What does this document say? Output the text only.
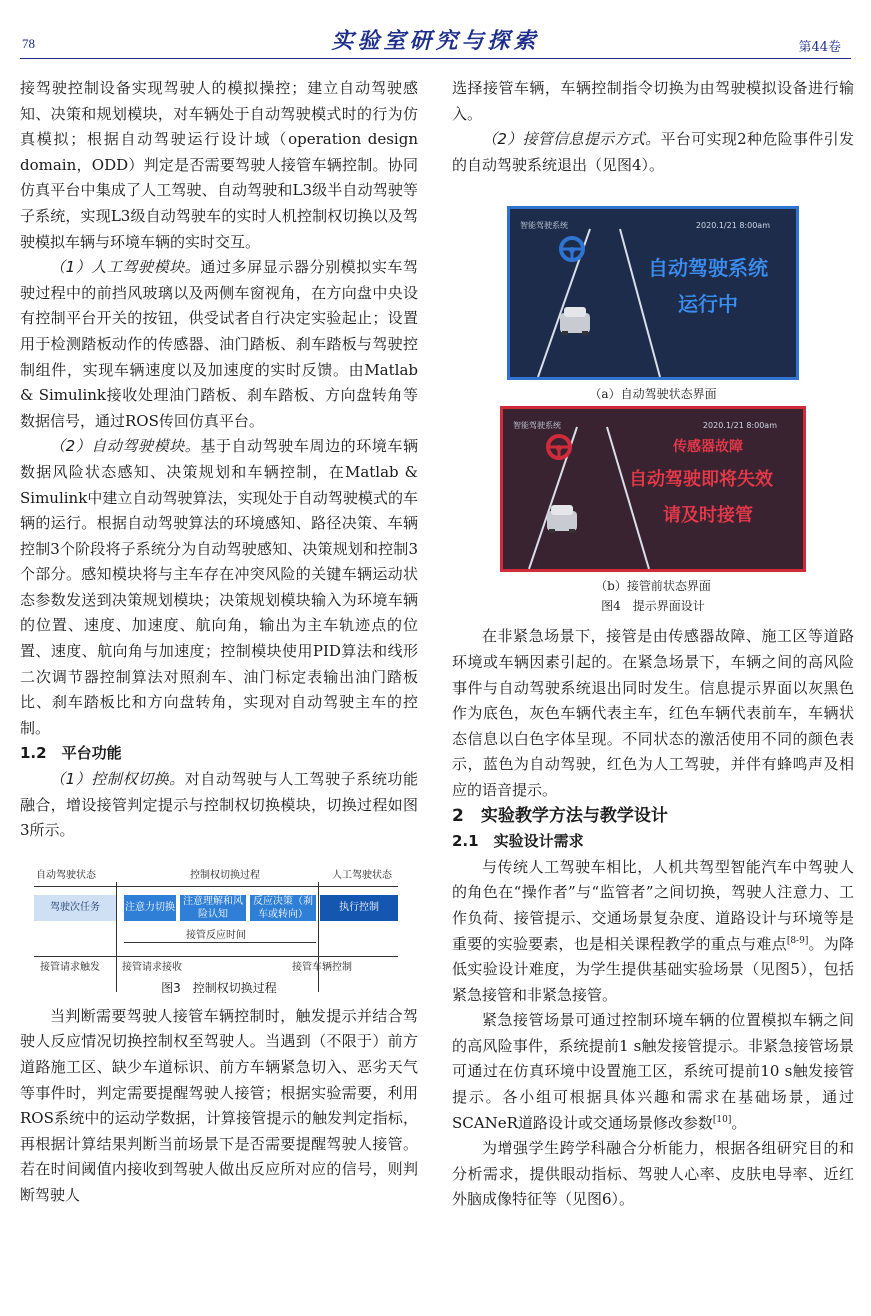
78	实验室研究与探索	第44卷

接驾驶控制设备实现驾驶人的模拟操控；建立自动驾驶感知、决策和规划模块，对车辆处于自动驾驶模式时的行为仿真模拟；根据自动驾驶运行设计域（operation design domain，ODD）判定是否需要驾驶人接管车辆控制。协同仿真平台中集成了人工驾驶、自动驾驶和L3级半自动驾驶等子系统，实现L3级自动驾驶车的实时人机控制权切换以及驾驶模拟车辆与环境车辆的实时交互。

（1）人工驾驶模块。通过多屏显示器分别模拟实车驾驶过程中的前挡风玻璃以及两侧车窗视角，在方向盘中央设有控制平台开关的按钮，供受试者自行决定实验起止；设置用于检测踏板动作的传感器、油门踏板、刹车踏板与驾驶控制组件，实现车辆速度以及加速度的实时反馈。由Matlab & Simulink接收处理油门踏板、刹车踏板、方向盘转角等数据信号，通过ROS传回仿真平台。

（2）自动驾驶模块。基于自动驾驶车周边的环境车辆数据风险状态感知、决策规划和车辆控制，在Matlab & Simulink中建立自动驾驶算法，实现处于自动驾驶模式的车辆的运行。根据自动驾驶算法的环境感知、路径决策、车辆控制3个阶段将子系统分为自动驾驶感知、决策规划和控制3个部分。感知模块将与主车存在冲突风险的关键车辆运动状态参数发送到决策规划模块；决策规划模块输入为环境车辆的位置、速度、加速度、航向角，输出为主车轨迹点的位置、速度、航向角与加速度；控制模块使用PID算法和线形二次调节器控制算法对照刹车、油门标定表输出油门踏板比、刹车踏板比和方向盘转角，实现对自动驾驶主车的控制。

1.2　平台功能

（1）控制权切换。对自动驾驶与人工驾驶子系统功能融合，增设接管判定提示与控制权切换模块，切换过程如图3所示。

自动驾驶状态	控制权切换过程	人工驾驶状态
驾驶次任务	注意力切换
注意理解和风险认知
反应决策（刹车或转向）
执行控制
接管反应时间
接管请求触发 接管请求接收	接管车辆控制
图3　控制权切换过程

当判断需要驾驶人接管车辆控制时，触发提示并结合驾驶人反应情况切换控制权至驾驶人。当遇到（不限于）前方道路施工区、缺少车道标识、前方车辆紧急切入、恶劣天气等事件时，判定需要提醒驾驶人接管；根据实验需要，利用ROS系统中的运动学数据，计算接管提示的触发判定指标，再根据计算结果判断当前场景下是否需要提醒驾驶人接管。若在时间阈值内接收到驾驶人做出反应所对应的信号，则判断驾驶人

选择接管车辆，车辆控制指令切换为由驾驶模拟设备进行输入。

（2）接管信息提示方式。平台可实现2种危险事件引发的自动驾驶系统退出（见图4）。

智能驾驶系统	2020.1/21 8:00am
自动驾驶系统
运行中

（a）自动驾驶状态界面

智能驾驶系统	2020.1/21 8:00am
传感器故障
自动驾驶即将失效
请及时接管

（b）接管前状态界面

图4　提示界面设计

在非紧急场景下，接管是由传感器故障、施工区等道路环境或车辆因素引起的。在紧急场景下，车辆之间的高风险事件与自动驾驶系统退出同时发生。信息提示界面以灰黑色作为底色，灰色车辆代表主车，红色车辆代表前车，车辆状态信息以白色字体呈现。不同状态的激活使用不同的颜色表示，蓝色为自动驾驶，红色为人工驾驶，并伴有蜂鸣声及相应的语音提示。

2　实验教学方法与教学设计

2.1　实验设计需求

与传统人工驾驶车相比，人机共驾型智能汽车中驾驶人的角色在“操作者”与“监管者”之间切换，驾驶人注意力、工作负荷、接管提示、交通场景复杂度、道路设计与环境等是重要的实验要素，也是相关课程教学的重点与难点[8-9]。为降低实验设计难度，为学生提供基础实验场景（见图5），包括紧急接管和非紧急接管。

紧急接管场景可通过控制环境车辆的位置模拟车辆之间的高风险事件，系统提前1 s触发接管提示。非紧急接管场景可通过在仿真环境中设置施工区，系统可提前10 s触发接管提示。各小组可根据具体兴趣和需求在基础场景，通过SCANeR道路设计或交通场景修改参数[10]。

为增强学生跨学科融合分析能力，根据各组研究目的和分析需求，提供眼动指标、驾驶人心率、皮肤电导率、近红外脑成像特征等（见图6）。
